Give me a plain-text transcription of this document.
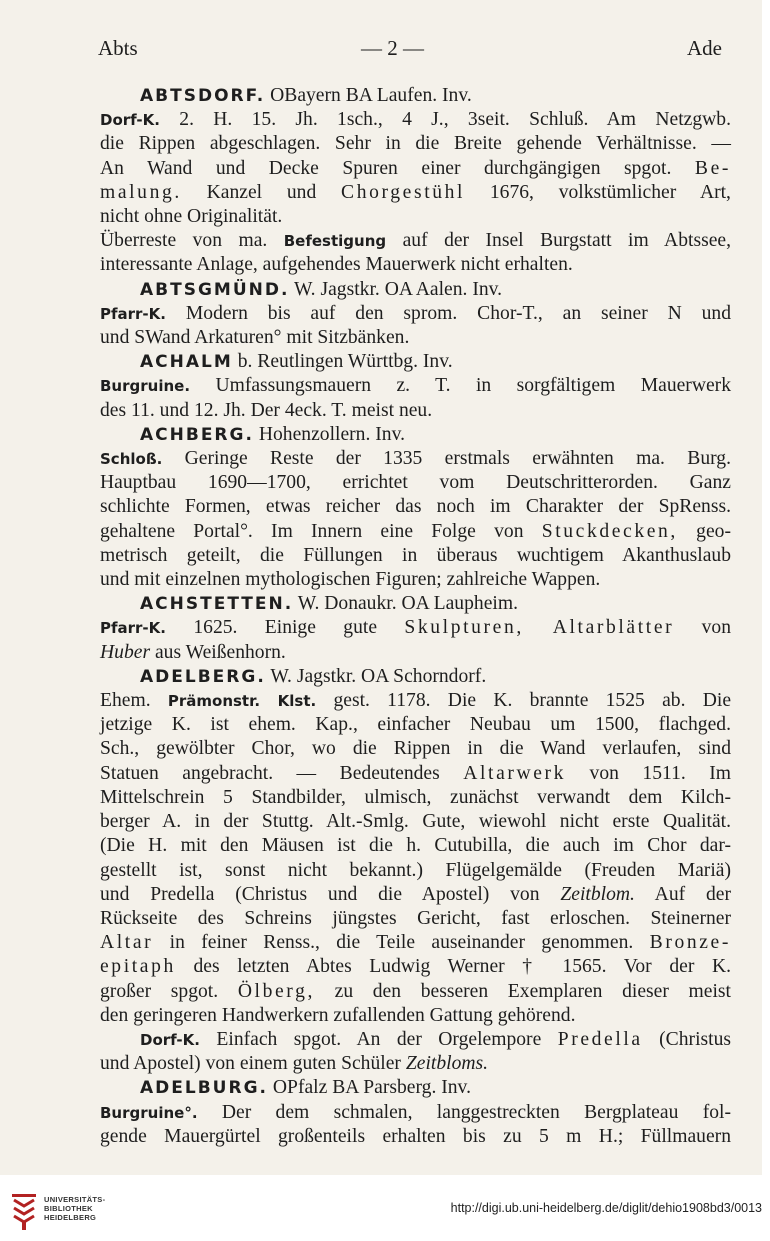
Abts	— 2 —	Ade
ABTSDORF. OBayern BA Laufen. Inv.
Dorf-K. 2. H. 15. Jh. 1sch., 4 J., 3seit. Schluß. Am Netzgwb.
die Rippen abgeschlagen. Sehr in die Breite gehende Verhältnisse. —
An Wand und Decke Spuren einer durchgängigen spgot. Be-
malung. Kanzel und Chorgestühl 1676, volkstümlicher Art,
nicht ohne Originalität.
Überreste von ma. Befestigung auf der Insel Burgstatt im Abtssee,
interessante Anlage, aufgehendes Mauerwerk nicht erhalten.
ABTSGMÜND. W. Jagstkr. OA Aalen. Inv.
Pfarr-K. Modern bis auf den sprom. Chor-T., an seiner N und
und SWand Arkaturen° mit Sitzbänken.
ACHALM b. Reutlingen Württbg. Inv.
Burgruine. Umfassungsmauern z. T. in sorgfältigem Mauerwerk
des 11. und 12. Jh. Der 4eck. T. meist neu.
ACHBERG. Hohenzollern. Inv.
Schloß. Geringe Reste der 1335 erstmals erwähnten ma. Burg.
Hauptbau 1690—1700, errichtet vom Deutschritterorden. Ganz
schlichte Formen, etwas reicher das noch im Charakter der SpRenss.
gehaltene Portal°. Im Innern eine Folge von Stuckdecken, geo-
metrisch geteilt, die Füllungen in überaus wuchtigem Akanthuslaub
und mit einzelnen mythologischen Figuren; zahlreiche Wappen.
ACHSTETTEN. W. Donaukr. OA Laupheim.
Pfarr-K. 1625. Einige gute Skulpturen, Altarblätter von
Huber aus Weißenhorn.
ADELBERG. W. Jagstkr. OA Schorndorf.
Ehem. Prämonstr. Klst. gest. 1178. Die K. brannte 1525 ab. Die
jetzige K. ist ehem. Kap., einfacher Neubau um 1500, flachged.
Sch., gewölbter Chor, wo die Rippen in die Wand verlaufen, sind
Statuen angebracht. — Bedeutendes Altarwerk von 1511. Im
Mittelschrein 5 Standbilder, ulmisch, zunächst verwandt dem Kilch-
berger A. in der Stuttg. Alt.-Smlg. Gute, wiewohl nicht erste Qualität.
(Die H. mit den Mäusen ist die h. Cutubilla, die auch im Chor dar-
gestellt ist, sonst nicht bekannt.) Flügelgemälde (Freuden Mariä)
und Predella (Christus und die Apostel) von Zeitblom. Auf der
Rückseite des Schreins jüngstes Gericht, fast erloschen. Steinerner
Altar in feiner Renss., die Teile auseinander genommen. Bronze-
epitaph des letzten Abtes Ludwig Werner † 1565. Vor der K.
großer spgot. Ölberg, zu den besseren Exemplaren dieser meist
den geringeren Handwerkern zufallenden Gattung gehörend.
Dorf-K. Einfach spgot. An der Orgelempore Predella (Christus
und Apostel) von einem guten Schüler Zeitbloms.
ADELBURG. OPfalz BA Parsberg. Inv.
Burgruine°. Der dem schmalen, langgestreckten Bergplateau fol-
gende Mauergürtel großenteils erhalten bis zu 5 m H.; Füllmauern
UNIVERSITÄTS-
BIBLIOTHEK
HEIDELBERG
http://digi.ub.uni-heidelberg.de/diglit/dehio1908bd3/0013
